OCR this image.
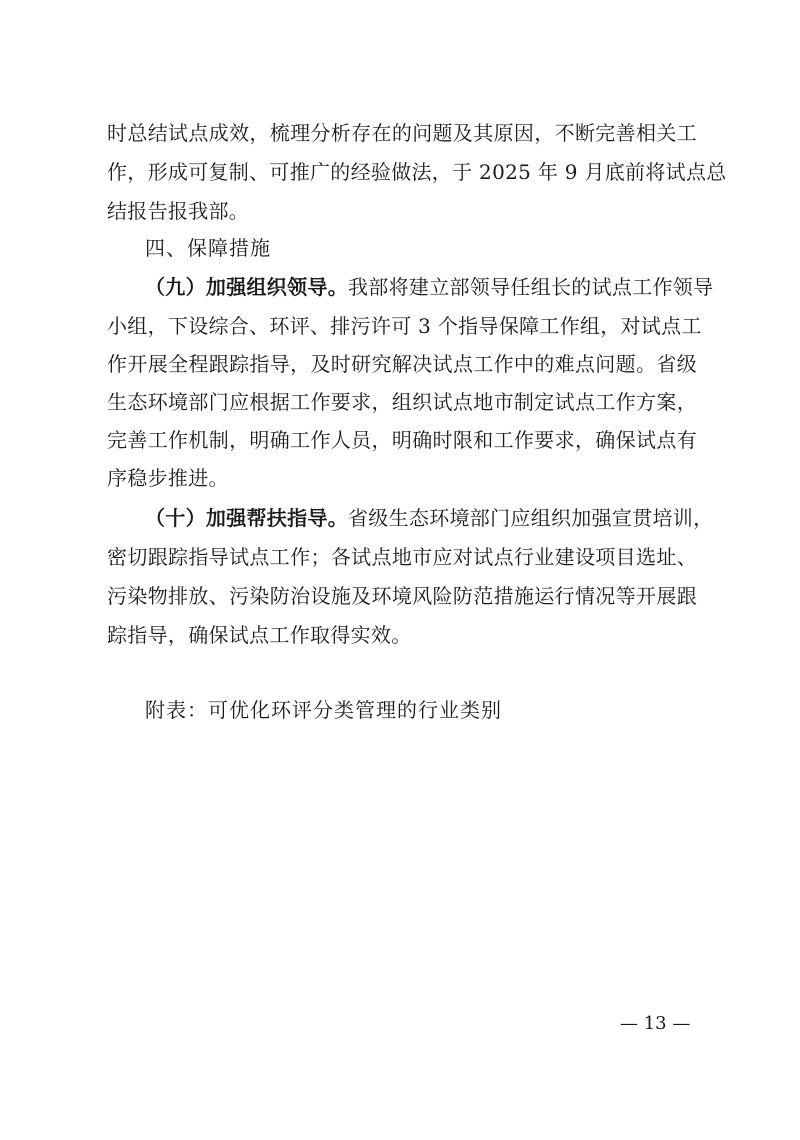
时总结试点成效，梳理分析存在的问题及其原因，不断完善相关工
作，形成可复制、可推广的经验做法，于 2025 年 9 月底前将试点总
结报告报我部。
四、保障措施
（九）加强组织领导。我部将建立部领导任组长的试点工作领导
小组，下设综合、环评、排污许可 3 个指导保障工作组，对试点工
作开展全程跟踪指导，及时研究解决试点工作中的难点问题。省级
生态环境部门应根据工作要求，组织试点地市制定试点工作方案，
完善工作机制，明确工作人员，明确时限和工作要求，确保试点有
序稳步推进。
（十）加强帮扶指导。省级生态环境部门应组织加强宣贯培训，
密切跟踪指导试点工作；各试点地市应对试点行业建设项目选址、
污染物排放、污染防治设施及环境风险防范措施运行情况等开展跟
踪指导，确保试点工作取得实效。
附表：可优化环评分类管理的行业类别
— 13 —
